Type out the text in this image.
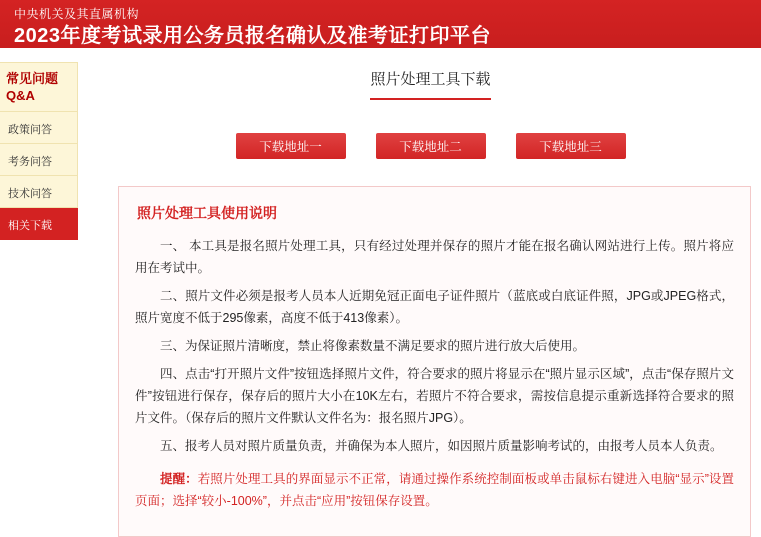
中央机关及其直属机构
2023年度考试录用公务员报名确认及准考证打印平台
常见问题
Q&A
政策问答
考务问答
技术问答
相关下载
照片处理工具下载
下载地址一	下载地址二	下载地址三
照片处理工具使用说明

一、 本工具是报名照片处理工具，只有经过处理并保存的照片才能在报名确认网站进行上传。照片将应用在考试中。

二、照片文件必须是报考人员本人近期免冠正面电子证件照片（蓝底或白底证件照，JPG或JPEG格式，照片宽度不低于295像素，高度不低于413像素）。

三、为保证照片清晰度，禁止将像素数量不满足要求的照片进行放大后使用。

四、点击“打开照片文件”按钮选择照片文件，符合要求的照片将显示在“照片显示区域”，点击“保存照片文件”按钮进行保存，保存后的照片大小在10K左右，若照片不符合要求，需按信息提示重新选择符合要求的照片文件。（保存后的照片文件默认文件名为：报名照片JPG）。

五、报考人员对照片质量负责，并确保为本人照片，如因照片质量影响考试的，由报考人员本人负责。

提醒：若照片处理工具的界面显示不正常，请通过操作系统控制面板或单击鼠标右键进入电脑“显示”设置页面；选择“较小-100%”，并点击“应用”按钮保存设置。
